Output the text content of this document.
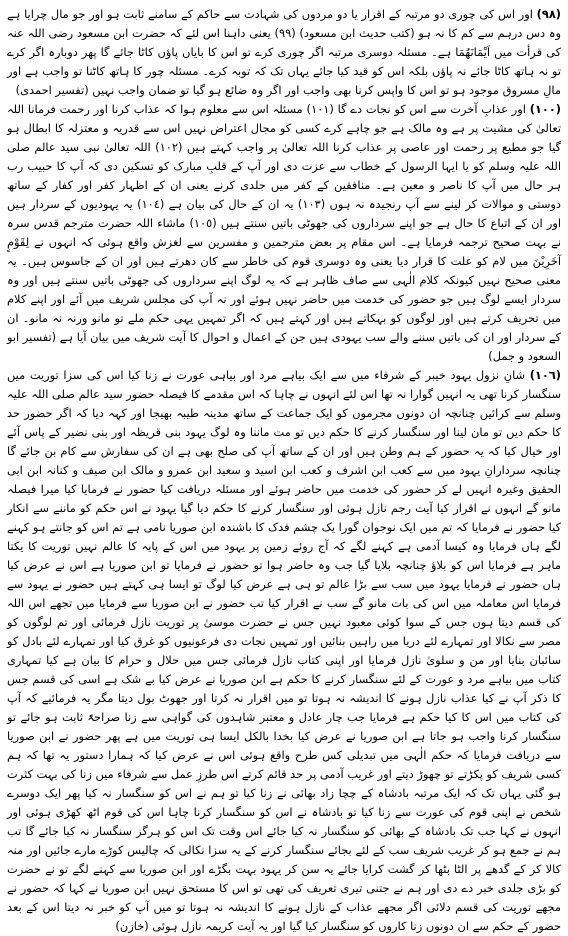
(٩٨) اور اس کی چوری دو مرتبہ کے اقرار یا دو مردوں کی شہادت سے حاکم کے سامنے ثابت ہو اور جو مال چرایا ہے وہ دس درہم سے کم کا نہ ہو (کتب حدیث ابن مسعود) (٩٩) یعنی داہنا اس لئے کہ حضرت ابن مسعود رضی اللہ عنہ کی قرأت میں اَيْمَانَهُمَا ہے۔ مسئلہ دوسری مرتبہ اگر چوری کرے تو اس کا بایاں پاؤں کاٹا جائے گا پھر دوبارہ اگر کرے تو نہ ہاتھ کاٹا جائے نہ پاؤں بلکہ اس کو قید کیا جائے یہاں تک کہ توبہ کرے۔ مسئلہ چور کا ہاتھ کاٹنا تو واجب ہے اور مالِ مسروق موجود ہو تو اس کا واپس کرنا بھی واجب اور اگر وہ ضائع ہو گیا تو ضمان واجب نہیں (تفسیر احمدی)

(١٠٠) اور عذابِ آخرت سے اس کو نجات دے گا (١٠١) مسئلہ اس سے معلوم ہوا کہ عذاب کرنا اور رحمت فرمانا اللہ تعالیٰ کی مشیت پر ہے وہ مالک ہے جو چاہے کرے کسی کو مجال اعتراض نہیں اس سے قدریہ و معتزلہ کا ابطال ہو گیا جو مطیع پر رحمت اور عاصی پر عذاب کرنا اللہ تعالیٰ پر واجب کہتے ہیں (١٠٢) اللہ تعالیٰ نبی سید عالم صلی اللہ علیہ وسلم کو یا ایہا الرسول کے خطاب سے عزت دی اور آپ کے قلبِ مبارک کو تسکین دی کہ آپ کا حبیب رب ہر حال میں آپ کا ناصر و معین ہے۔ منافقین کے کفر میں جلدی کرنے یعنی ان کے اظہار کفر اور کفار کے ساتھ دوستی و موالات کر لینے سے آپ رنجیدہ نہ ہوں (١٠٣) یہ ان کے حال کی بیان ہے (١٠٤) یہ یہودیوں کے سردار ہیں اور ان کے اتباع کا حال ہے جو اپنے سرداروں کی جھوٹی باتیں سنتے ہیں (١٠٥) ماشاء اللہ حضرت مترجم قدس سرہ نے بہت صحیح ترجمہ فرمایا ہے۔ اس مقام پر بعض مترجمین و مفسرین سے لغزش واقع ہوئی کہ انہوں نے لِقَوْمٍ آخَرِيْنَ میں لام کو علت کا قرار دیا یعنی وہ دوسری قوم کی خاطر سے کان دھرتے ہیں اور ان کے جاسوس ہیں۔ یہ معنی صحیح نہیں کیونکہ کلام الٰہی سے صاف ظاہر ہے کہ یہ لوگ اپنے سرداروں کی جھوٹی باتیں سنتے ہیں اور وہ سردار ایسے لوگ ہیں جو حضور کی خدمت میں حاضر نہیں ہوئے اور نہ آپ کی مجلس شریف میں آئے اور اپنے کلام میں تحریف کرتے ہیں اور لوگوں کو بہکاتے ہیں اور کہتے ہیں کہ اگر تمہیں یہی حکم ملے تو مانو ورنہ نہ مانو۔ ان کے سردار اور ان کی باتیں سننے والے سب یہودی ہیں جن کے اعمال و احوال کا آیت شریف میں بیان آیا ہے (تفسیر ابو السعود و جمل)

(١٠٦) شانِ نزول یہود خیبر کے شرفاء میں سے ایک بیاہے مرد اور بیاہی عورت نے زنا کیا اس کی سزا توریت میں سنگسار کرنا تھی یہ انہیں گوارا نہ تھا اس لئے انہوں نے چاہا کہ اس مقدمے کا فیصلہ حضور سید عالم صلی اللہ علیہ وسلم سے کرائیں چنانچہ ان دونوں مجرموں کو ایک جماعت کے ساتھ مدینہ طیبہ بھیجا اور کہہ دیا کہ اگر حضور حد کا حکم دیں تو مان لینا اور سنگسار کرنے کا حکم دیں تو مت ماننا وہ لوگ یہود بنی قریظہ اور بنی نضیر کے پاس آئے اور خیال کیا کہ یہ حضور کے ہم وطن ہیں اور ان کے ساتھ آپ کی صلح بھی ہے ان کی سفارش سے کام بن جائے گا چنانچہ سردارانِ یہود میں سے کعب ابن اشرف و کعب ابن اسید و سعید ابن عمرو و مالک ابن صیف و کنانہ ابن ابی الحقیق وغیرہ انہیں لے کر حضور کی خدمت میں حاضر ہوئے اور مسئلہ دریافت کیا حضور نے فرمایا کیا میرا فیصلہ مانو گے انہوں نے اقرار کیا آیت رجم نازل ہوئی اور سنگسار کرنے کا حکم دیا گیا یہود نے اس حکم کو ماننے سے انکار کیا حضور نے فرمایا کہ تم میں ایک نوجوان گورا یک چشم فدک کا باشندہ ابن صوریا نامی ہے تم اس کو جانتے ہو کہنے لگے ہاں فرمایا وہ کیسا آدمی ہے کہنے لگے کہ آج روئے زمین پر یہود میں اس کے پایہ کا عالم نہیں توریت کا یکتا ماہر ہے فرمایا اس کو بلاؤ چنانچہ بلایا گیا جب وہ حاضر ہوا تو حضور نے فرمایا تو ابن صوریا ہے اس نے عرض کیا ہاں حضور نے فرمایا یہود میں سب سے بڑا عالم تو ہی ہے عرض کیا لوگ تو ایسا ہی کہتے ہیں حضور نے یہود سے فرمایا اس معاملہ میں اس کی بات مانو گے سب نے اقرار کیا تب حضور نے ابن صوریا سے فرمایا میں تجھے اس اللہ کی قسم دیتا ہوں جس کے سوا کوئی معبود نہیں جس نے حضرت موسیٰ پر توریت نازل فرمائی اور تم لوگوں کو مصر سے نکالا اور تمہارے لئے دریا میں راہیں بنائیں اور تمہیں نجات دی فرعونیوں کو غرق کیا اور تمہارے لئے بادل کو سائبان بنایا اور من و سلویٰ نازل فرمایا اور اپنی کتاب نازل فرمائی جس میں حلال و حرام کا بیان ہے کیا تمہاری کتاب میں بیاہے مرد و عورت کے لئے سنگسار کرنے کا حکم ہے ابن صوریا نے عرض کیا بے شک ہے اسی کی قسم جس کا ذکر آپ نے کیا عذاب نازل ہونے کا اندیشہ نہ ہوتا تو میں اقرار نہ کرتا اور جھوٹ بول دیتا مگر یہ فرمائیے کہ آپ کی کتاب میں اس کا کیا حکم ہے فرمایا جب چار عادل و معتبر شاہدوں کی گواہی سے زنا صراحۃً ثابت ہو جائے تو سنگسار کرنا واجب ہو جاتا ہے ابن صوریا نے عرض کیا بخدا بالکل ایسا ہی توریت میں ہے پھر حضور نے ابن صوریا سے دریافت فرمایا کہ حکم الٰہی میں تبدیلی کس طرح واقع ہوئی اس نے عرض کیا کہ ہمارا دستور یہ تھا کہ ہم کسی شریف کو پکڑتے تو چھوڑ دیتے اور غریب آدمی پر حد قائم کرتے اس طرزِ عمل سے شرفاء میں زنا کی بہت کثرت ہو گئی یہاں تک کہ ایک مرتبہ بادشاہ کے چچا زاد بھائی نے زنا کیا تو ہم نے اس کو سنگسار نہ کیا پھر ایک دوسرے شخص نے اپنی قوم کی عورت سے زنا کیا تو بادشاہ نے اس کو سنگسار کرنا چاہا اس کی قوم اٹھ کھڑی ہوئی اور انہوں نے کہا جب تک بادشاہ کے بھائی کو سنگسار نہ کیا جائے اس وقت تک اس کو ہرگز سنگسار نہ کیا جائے گا تب ہم نے جمع ہو کر غریب شریف سب کے لئے بجائے سنگسار کرنے کے یہ سزا نکالی کہ چالیس کوڑے مارے جائیں اور منہ کالا کر کے گدھے پر الٹا بٹھا کر گشت کرایا جائے یہ سن کر یہود بہت بگڑے اور ابن صوریا سے کہنے لگے تو نے حضرت کو بڑی جلدی خبر دے دی اور ہم نے جتنی تیری تعریف کی تھی تو اس کا مستحق نہیں ابن صوریا نے کہا کہ حضور نے مجھے توریت کی قسم دلائی اگر مجھے عذاب کے نازل ہونے کا اندیشہ نہ ہوتا تو میں آپ کو خبر نہ دیتا اس کے بعد حضور کے حکم سے ان دونوں زنا کاروں کو سنگسار کیا گیا اور یہ آیت کریمہ نازل ہوئی (خازن)
